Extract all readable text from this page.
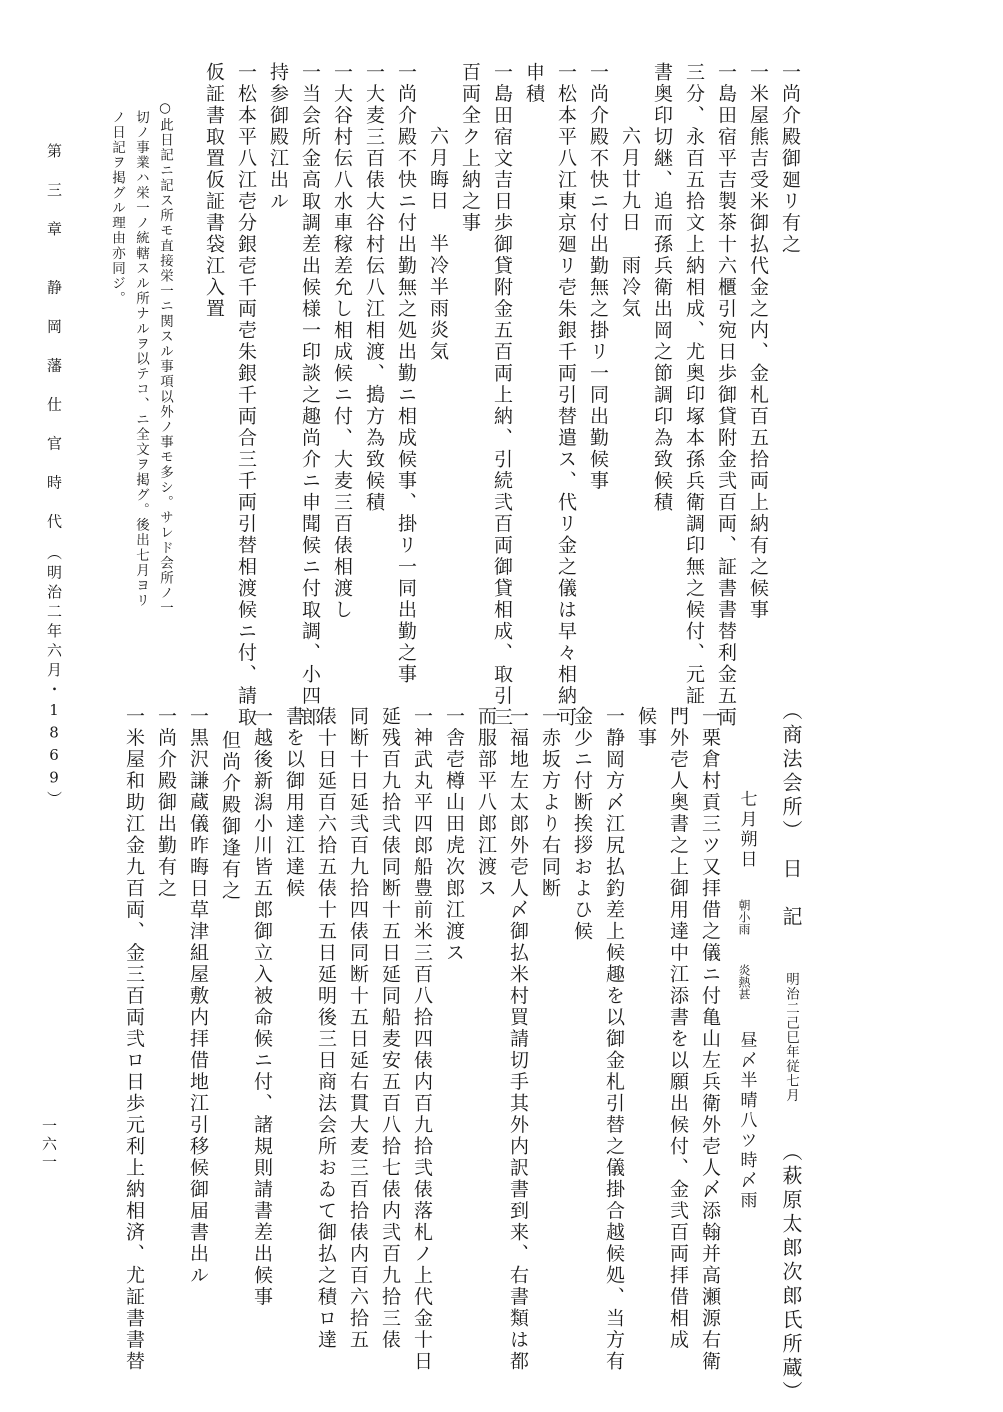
一尚介殿御廻リ有之
一米屋熊吉受米御払代金之内、金札百五拾両上納有之候事
一島田宿平吉製茶十六櫃引宛日歩御貸附金弐百両、証書書替利金五両
三分、永百五拾文上納相成、尤奥印塚本孫兵衛調印無之候付、元証
書奥印切継、追而孫兵衛出岡之節調印為致候積
六月廿九日　雨冷気
一尚介殿不快ニ付出勤無之掛リ一同出勤候事
一松本平八江東京廻リ壱朱銀千両引替遣ス、代リ金之儀は早々相納可
申積
一島田宿文吉日歩御貸附金五百両上納、引続弐百両御貸相成、取引三
百両全ク上納之事
六月晦日　半冷半雨炎気
一尚介殿不快ニ付出勤無之処出勤ニ相成候事、掛リ一同出勤之事
一大麦三百俵大谷村伝八江相渡、搗方為致候積
一大谷村伝八水車稼差允し相成候ニ付、大麦三百俵相渡し
一当会所金高取調差出候様一印談之趣尚介ニ申聞候ニ付取調、小四郎
持参御殿江出ル
一松本平八江壱分銀壱千両壱朱銀千両合三千両引替相渡候ニ付、請取
仮証書取置仮証書袋江入置
○此日記ニ記ス所モ直接栄一ニ関スル事項以外ノ事モ多シ。サレド会所ノ一
切ノ事業ハ栄一ノ統轄スル所ナルヲ以テコ、ニ全文ヲ掲グ。後出七月ヨリ
ノ日記ヲ掲グル理由亦同ジ。
第　三　章　　静　岡　藩　仕　官　時　代　（明治二年六月・1869）
一六一
（商法会所）　日　記 明治二己巳年従七月 （萩原太郎次郎氏所蔵）
七月朔日
朝小雨

炎熱甚
昼〆半晴八ツ時〆雨
一栗倉村貢三ツ又拝借之儀ニ付亀山左兵衛外壱人〆添翰并高瀬源右衛
門外壱人奥書之上御用達中江添書を以願出候付、金弐百両拝借相成
候事
一静岡方〆江尻払釣差上候趣を以御金札引替之儀掛合越候処、当方有
金少ニ付断挨拶およひ候
一赤坂方より右同断
一福地左太郎外壱人〆御払米村買請切手其外内訳書到来、右書類は都
而服部平八郎江渡ス
一舎壱樽山田虎次郎江渡ス
一神武丸平四郎船豊前米三百八拾四俵内百九拾弐俵落札ノ上代金十日
延残百九拾弐俵同断十五日延同船麦安五百八拾七俵内弐百九拾三俵
同断十日延弐百九拾四俵同断十五日延右貫大麦三百拾俵内百六拾五
俵十日延百六拾五俵十五日延明後三日商法会所おゐて御払之積ロ達
書を以御用達江達候
一越後新潟小川皆五郎御立入被命候ニ付、諸規則請書差出候事
但尚介殿御逢有之
一黒沢謙蔵儀昨晦日草津組屋敷内拝借地江引移候御届書出ル
一尚介殿御出勤有之
一米屋和助江金九百両、金三百両弐ロ日歩元利上納相済、尤証書書替
